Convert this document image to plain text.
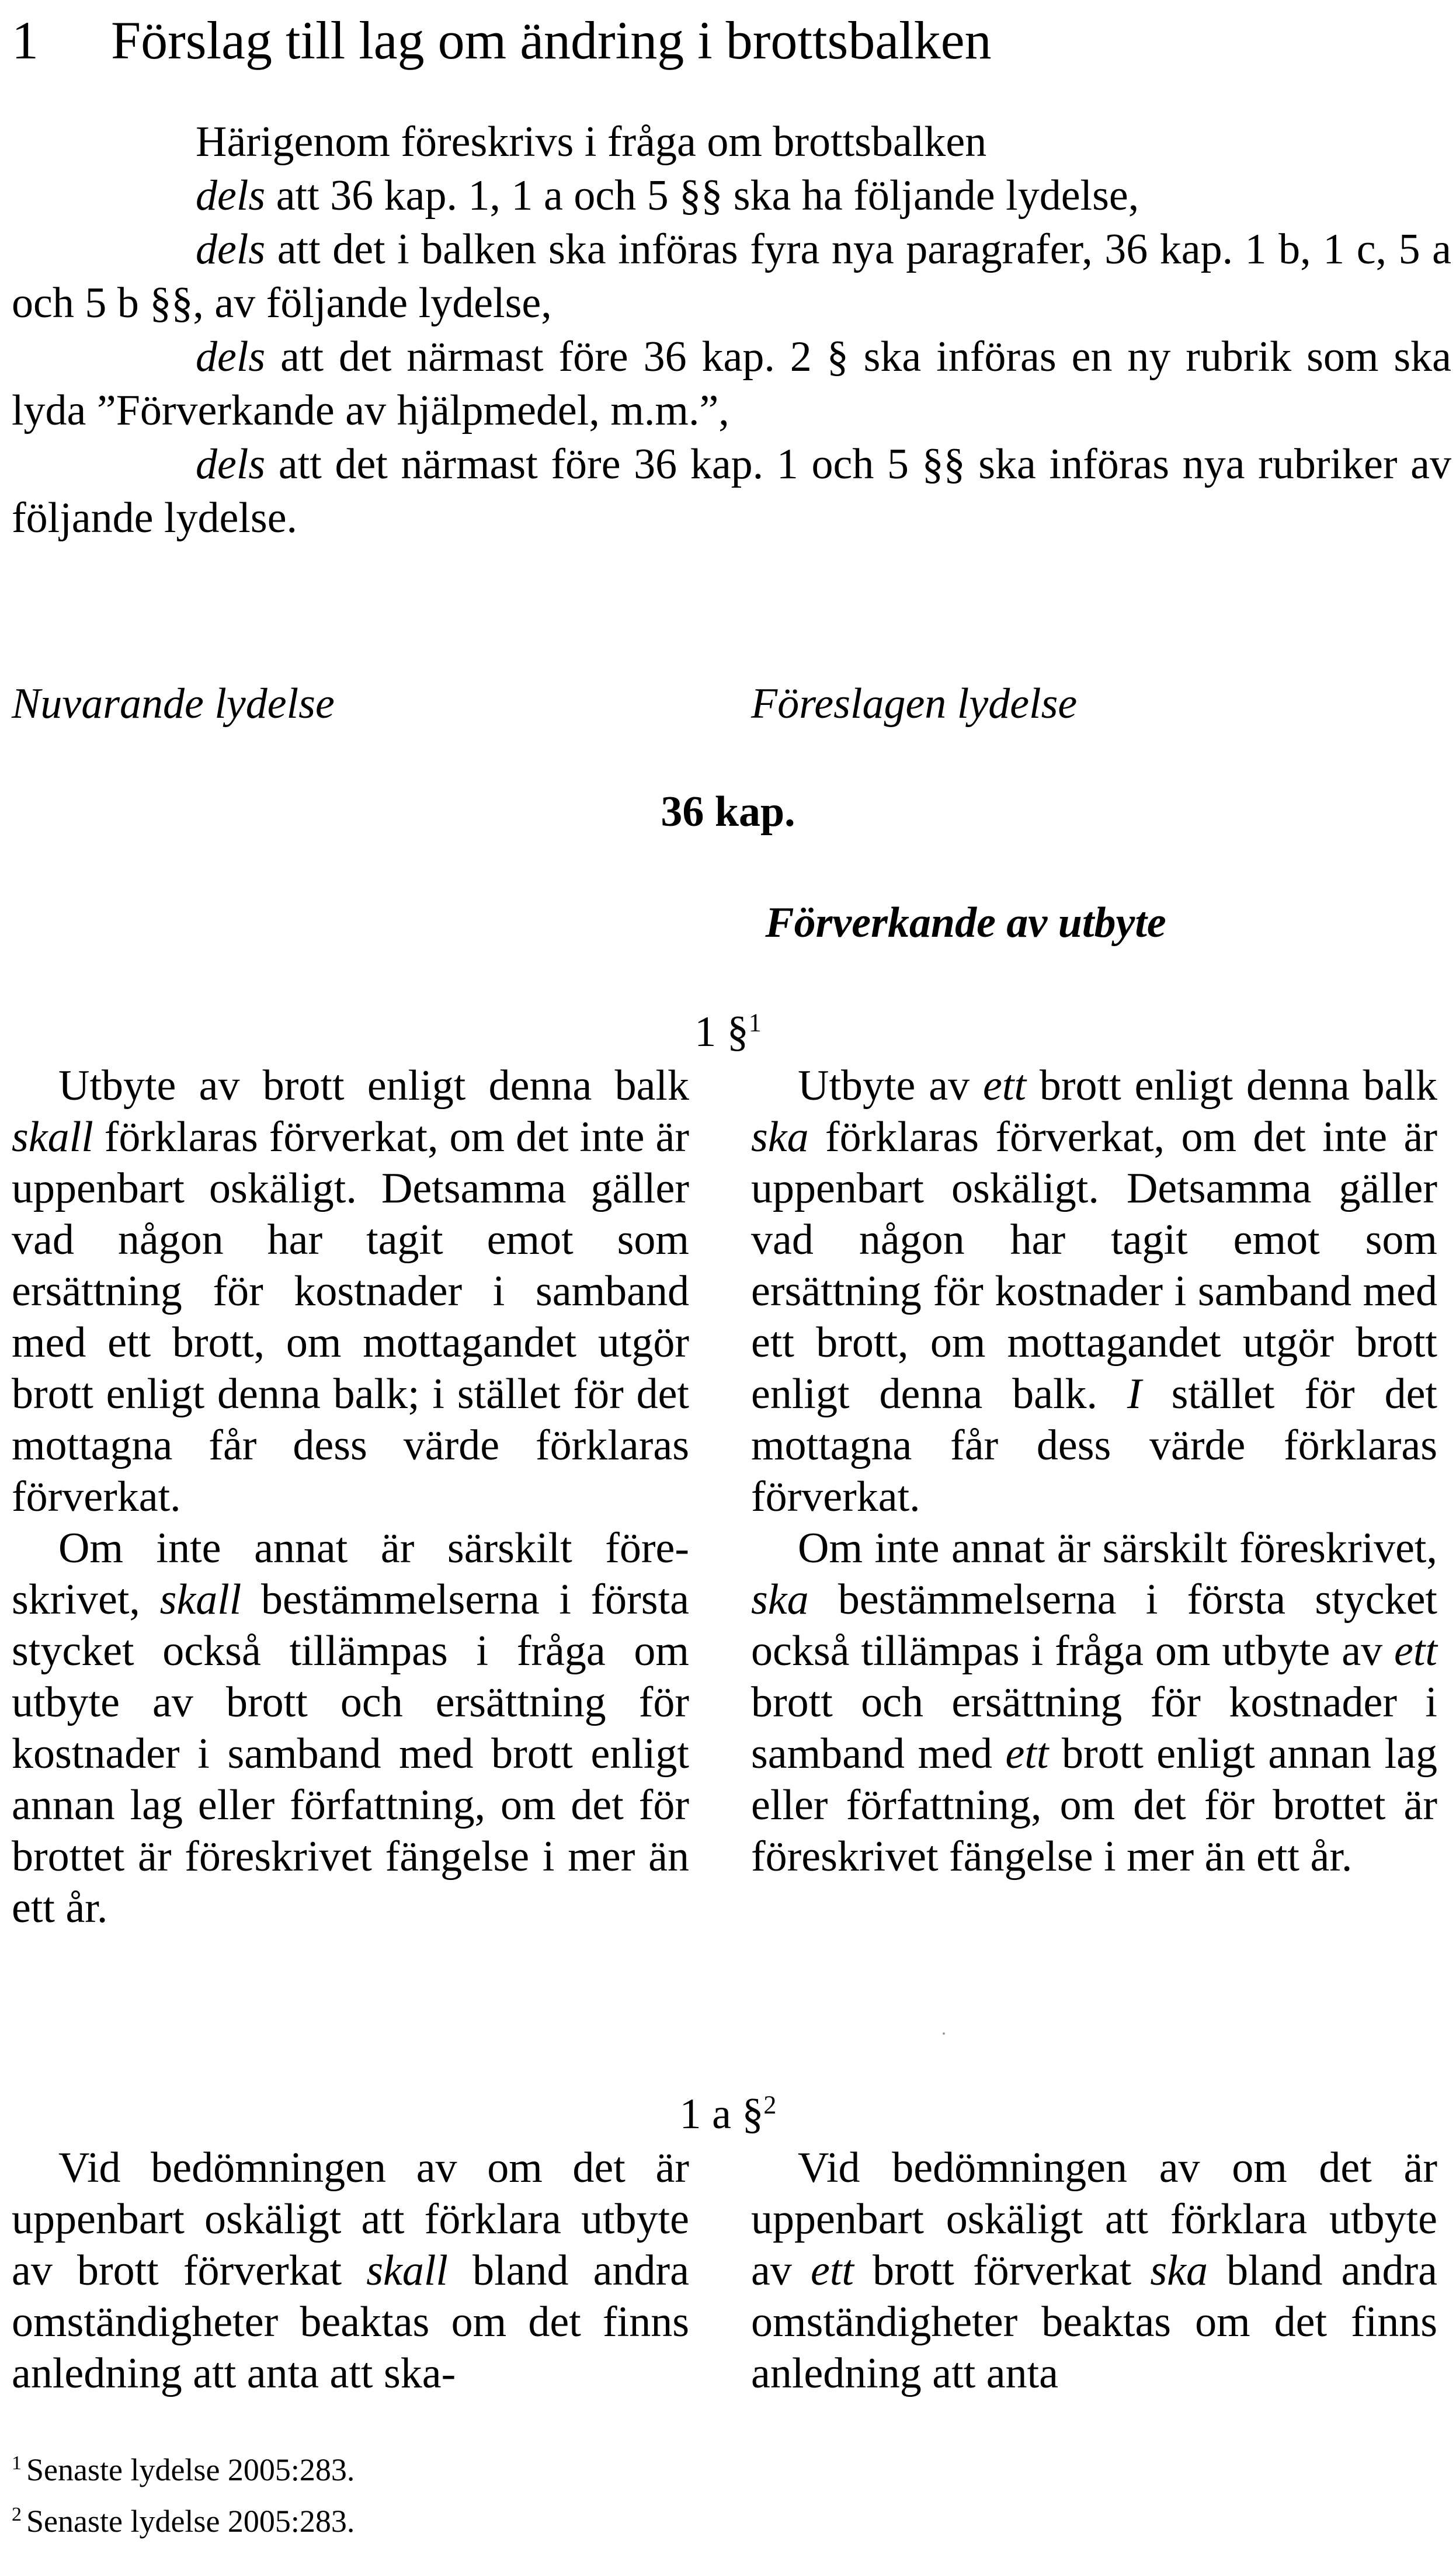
1 Förslag till lag om ändring i brottsbalken

Härigenom föreskrivs i fråga om brottsbalken

dels att 36 kap. 1, 1 a och 5 §§ ska ha följande lydelse,

dels att det i balken ska införas fyra nya paragrafer, 36 kap. 1 b, 1 c, 5 a och 5 b §§, av följande lydelse,

dels att det närmast före 36 kap. 2 § ska införas en ny rubrik som ska lyda ”Förverkande av hjälpmedel, m.m.”,

dels att det närmast före 36 kap. 1 och 5 §§ ska införas nya rubriker av följande lydelse.

Nuvarande lydelse	Föreslagen lydelse
36 kap.
Förverkande av utbyte
1 §$^1$

Utbyte av brott enligt denna balk skall förklaras förverkat, om det inte är uppenbart oskäligt. Detsamma gäller vad någon har tagit emot som ersättning för kostnader i samband med ett brott, om mottagandet utgör brott enligt denna balk; i stället för det mottagna får dess värde förklaras förverkat.

Om inte annat är särskilt föreskrivet, skall bestämmelserna i första stycket också tillämpas i fråga om utbyte av brott och ersättning för kostnader i samband med brott enligt annan lag eller författning, om det för brottet är föreskrivet fängelse i mer än ett år.

Utbyte av ett brott enligt denna balk ska förklaras förverkat, om det inte är uppenbart oskäligt. Detsamma gäller vad någon har tagit emot som ersättning för kostnader i samband med ett brott, om mottagandet utgör brott enligt denna balk. I stället för det mottagna får dess värde förklaras förverkat.

Om inte annat är särskilt föreskrivet, ska bestämmelserna i första stycket också tillämpas i fråga om utbyte av ett brott och ersättning för kostnader i samband med ett brott enligt annan lag eller författning, om det för brottet är föreskrivet fängelse i mer än ett år.

1 a §$^2$

Vid bedömningen av om det är uppenbart oskäligt att förklara utbyte av brott förverkat skall bland andra omständigheter beaktas om det finns anledning att anta att ska-

Vid bedömningen av om det är uppenbart oskäligt att förklara utbyte av ett brott förverkat ska bland andra omständigheter beaktas om det finns anledning att anta

$^1$ Senaste lydelse 2005:283.
$^2$ Senaste lydelse 2005:283.
